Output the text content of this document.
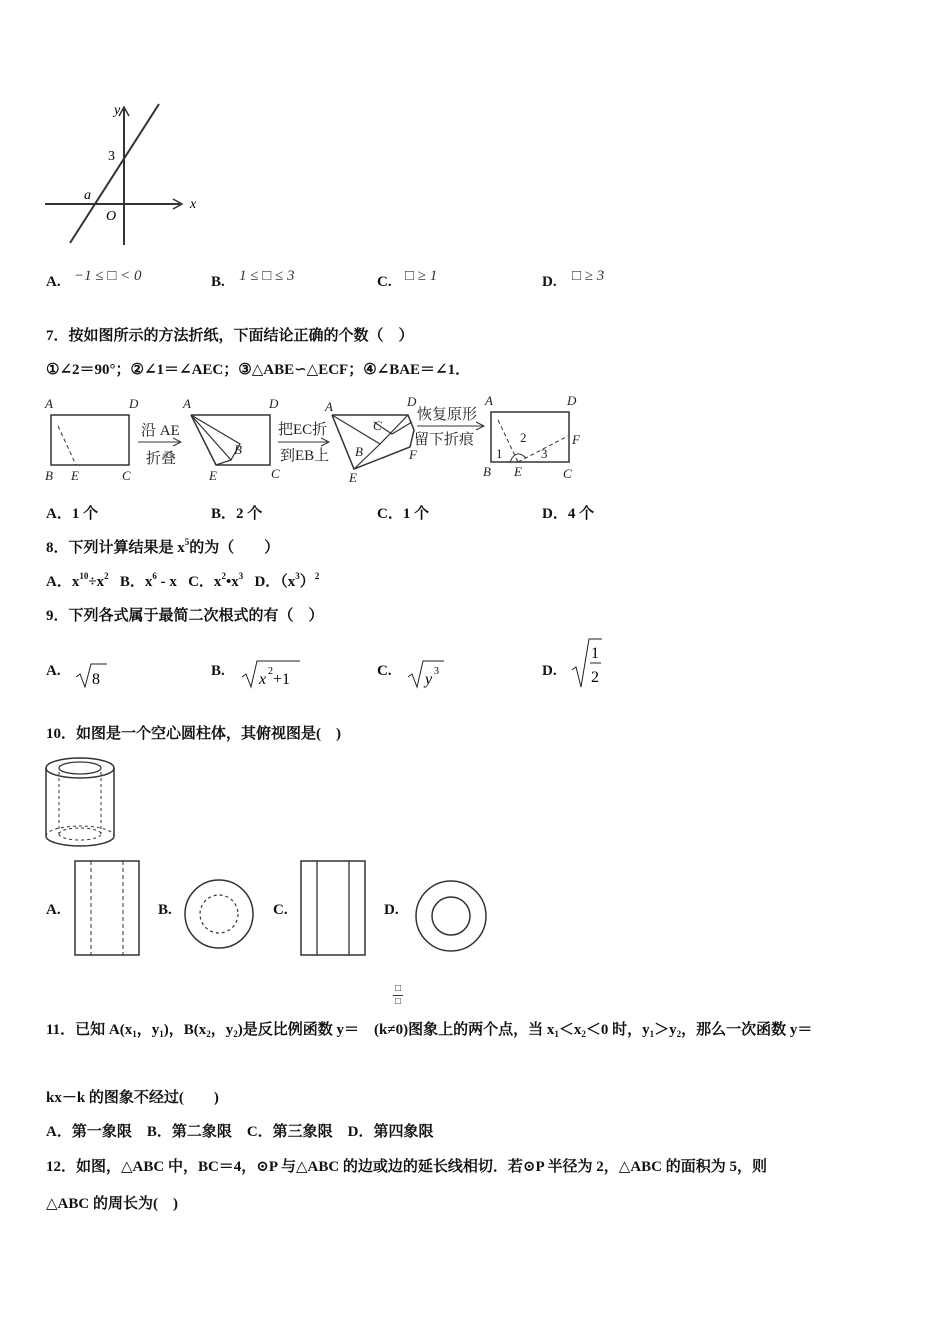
y
x
O
3
a
A. −1 ≤ □ < 0	B. 1 ≤ □ ≤ 3	C. □ ≥ 1	D. □ ≥ 3
7．按如图所示的方法折纸，下面结论正确的个数（　）
①∠2＝90°；②∠1＝∠AEC；③△ABE∽△ECF；④∠BAE＝∠1．
A	D
B E	C
沿 AE
折叠
A	D
B
E	C
把EC折
到EB上
A	D
C
B	F
E
恢复原形
留下折痕
A	D
F
1
2
3
B E	C
A．1 个	B．2 个	C．1 个	D．4 个
8．下列计算结果是 $x^5$的为（　　）
A．$x^{10}\div x^2$ B．$x^6$ - x C．$x^2•x^3$ D．$(x^3)^2$
9．下列各式属于最简二次根式的有（　）
A. 8	B. x 2 +1	C. y 3	D.
1
2
10．如图是一个空心圆柱体，其俯视图是(　)
A.	B.	C.	D.
□
□
11．已知 $A(x_1$，$y_1$)，$B(x_2$，$y_2$)是反比例函数 y＝　(k≠0)图象上的两个点，当 $x_1<x_2<0$ 时，$y_1>y_2$，那么一次函数 y＝
kx－k 的图象不经过(　　)
A．第一象限　B．第二象限　C．第三象限　D．第四象限
12．如图，△ABC 中，BC＝4，⊙P 与△ABC 的边或边的延长线相切．若⊙P 半径为 2，△ABC 的面积为 5，则
△ABC 的周长为(　)
